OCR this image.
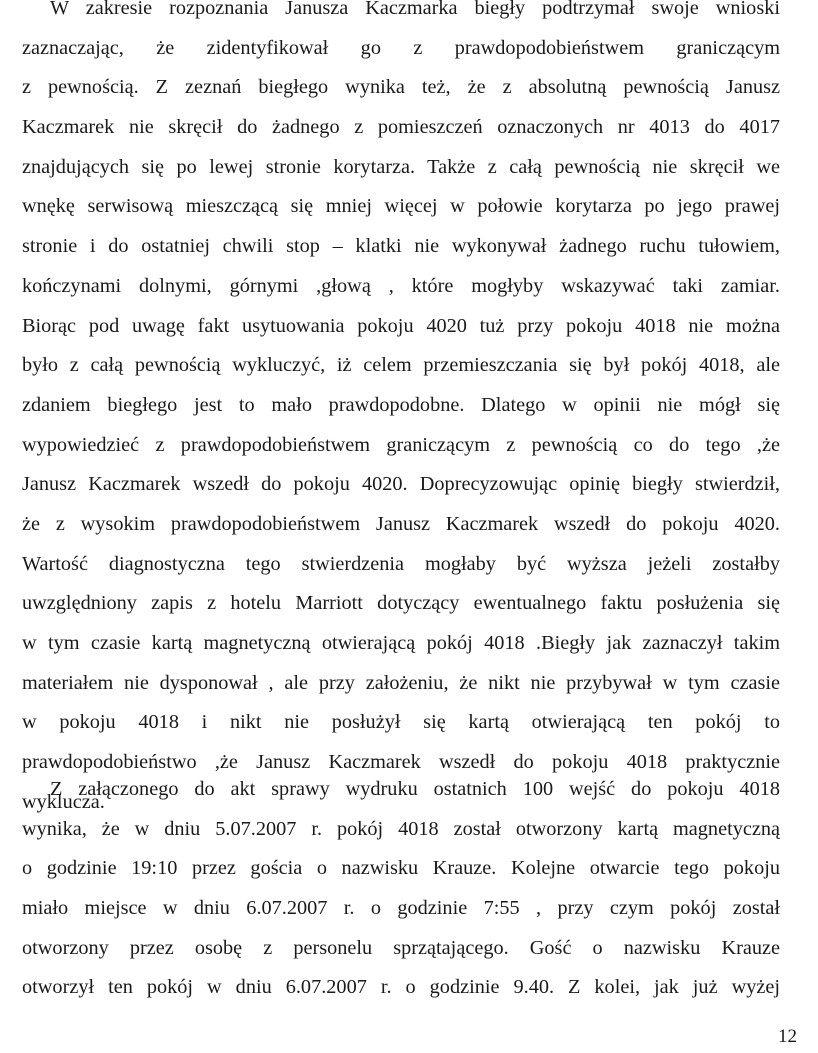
W zakresie rozpoznania Janusza Kaczmarka biegły podtrzymał swoje wnioski
zaznaczając, że zidentyfikował go z prawdopodobieństwem graniczącym
z pewnością. Z zeznań biegłego wynika też, że z absolutną pewnością Janusz
Kaczmarek nie skręcił do żadnego z pomieszczeń oznaczonych nr 4013 do 4017
znajdujących się po lewej stronie korytarza. Także z całą pewnością nie skręcił we
wnękę serwisową mieszczącą się mniej więcej w połowie korytarza po jego prawej
stronie i do ostatniej chwili stop – klatki nie wykonywał żadnego ruchu tułowiem,
kończynami dolnymi, górnymi ,głową , które mogłyby wskazywać taki zamiar.
Biorąc pod uwagę fakt usytuowania pokoju 4020 tuż przy pokoju 4018 nie można
było z całą pewnością wykluczyć, iż celem przemieszczania się był pokój 4018, ale
zdaniem biegłego jest to mało prawdopodobne. Dlatego w opinii nie mógł się
wypowiedzieć z prawdopodobieństwem graniczącym z pewnością co do tego ,że
Janusz Kaczmarek wszedł do pokoju 4020. Doprecyzowując opinię biegły stwierdził,
że z wysokim prawdopodobieństwem Janusz Kaczmarek wszedł do pokoju 4020.
Wartość diagnostyczna tego stwierdzenia mogłaby być wyższa jeżeli zostałby
uwzględniony zapis z hotelu Marriott dotyczący ewentualnego faktu posłużenia się
w tym czasie kartą magnetyczną otwierającą pokój 4018 .Biegły jak zaznaczył takim
materiałem nie dysponował , ale przy założeniu, że nikt nie przybywał w tym czasie
w pokoju 4018 i nikt nie posłużył się kartą otwierającą ten pokój to
prawdopodobieństwo ,że Janusz Kaczmarek wszedł do pokoju 4018 praktycznie
wyklucza.
Z załączonego do akt sprawy wydruku ostatnich 100 wejść do pokoju 4018
wynika, że w dniu 5.07.2007 r. pokój 4018 został otworzony kartą magnetyczną
o godzinie 19:10 przez gościa o nazwisku Krauze. Kolejne otwarcie tego pokoju
miało miejsce w dniu 6.07.2007 r. o godzinie 7:55 , przy czym pokój został
otworzony przez osobę z personelu sprzątającego. Gość o nazwisku Krauze
otworzył ten pokój w dniu 6.07.2007 r. o godzinie 9.40. Z kolei, jak już wyżej

12
